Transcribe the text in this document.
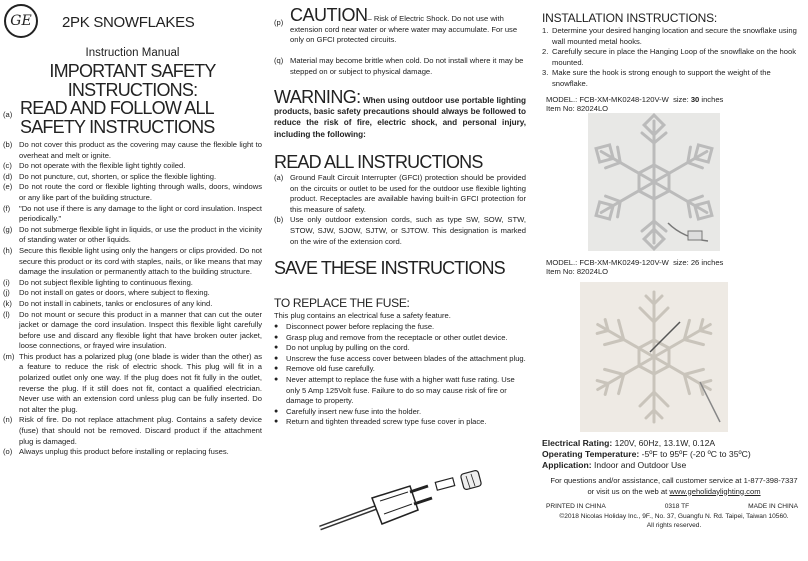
GE 2PK SNOWFLAKES
Instruction Manual
IMPORTANT SAFETY
INSTRUCTIONS:
(a) READ AND FOLLOW ALL
SAFETY INSTRUCTIONS
(b) Do not cover this product as the covering may cause the flexible light to overheat and melt or ignite.
(c) Do not operate with the flexible light tightly coiled.
(d) Do not puncture, cut, shorten, or splice the flexible lighting.
(e) Do not route the cord or flexible lighting through walls, doors, windows or any like part of the building structure.
(f)	"Do not use if there is any damage to the light or cord insulation. Inspect periodically."
(g) Do not submerge flexible light in liquids, or use the product in the vicinity of standing water or other liquids.
(h) Secure this flexible light using only the hangers or clips provided. Do not secure this product or its cord with staples, nails, or like means that may damage the insulation or permanently attach to the building structure.
(i)	Do not subject flexible lighting to continuous flexing.
(j)	Do not install on gates or doors, where subject to flexing.
(k) Do not install in cabinets, tanks or enclosures of any kind.
(l)	Do not mount or secure this product in a manner that can cut the outer jacket or damage the cord insulation. Inspect this flexible light carefully before use and discard any flexible light that have broken outer jacket, loose connections, or frayed wire insulation.
(m) This product has a polarized plug (one blade is wider than the other) as a feature to reduce the risk of electric shock. This plug will fit in a polarized outlet only one way. If the plug does not fit fully in the outlet, reverse the plug. If it still does not fit, contact a qualified electrician. Never use with an extension cord unless plug can be fully inserted. Do not alter the plug.
(n) Risk of fire. Do not replace attachment plug. Contains a safety device (fuse) that should not be removed. Discard product if the attachment plug is damaged.
(o) Always unplug this product before installing or replacing fuses.
(p) CAUTION– Risk of Electric Shock. Do not use with extension cord near water or where water may accumulate. For use only on GFCI protected circuits.
(q) Material may become brittle when cold. Do not install where it may be stepped on or subject to physical damage.
WARNING: When using outdoor use portable lighting products, basic safety precautions should always be followed to reduce the risk of fire, electric shock, and personal injury, including the following:
READ ALL INSTRUCTIONS
(a) Ground Fault Circuit Interrupter (GFCI) protection should be provided on the circuits or outlet to be used for the outdoor use flexible lighting product. Receptacles are available having built-in GFCI protection for this measure of safety.
(b) Use only outdoor extension cords, such as type SW, SOW, STW, STOW, SJW, SJOW, SJTW, or SJTOW. This designation is marked on the wire of the extension cord.
SAVE THESE INSTRUCTIONS
TO REPLACE THE FUSE:
This plug contains an electrical fuse a safety feature.
●	Disconnect power before replacing the fuse.
●	Grasp plug and remove from the receptacle or other outlet device.
●	Do not unplug by pulling on the cord.
●	Unscrew the fuse access cover between blades of the attachment plug.
●	Remove old fuse carefully.
●	Never attempt to replace the fuse with a higher watt fuse rating. Use only 5 Amp 125Volt fuse. Failure to do so may cause risk of fire or damage to property.
●	Carefully insert new fuse into the holder.
●	Return and tighten threaded screw type fuse cover in place.
INSTALLATION INSTRUCTIONS:
1. Determine your desired hanging location and secure the snowflake using wall mounted metal hooks.
2. Carefully secure in place the Hanging Loop of the snowflake on the hook mounted.
3. Make sure the hook is strong enough to support the weight of the snowflake.
MODEL.: FCB-XM-MK0248-120V-W size: 30 inches
Item No: 82024LO
MODEL.: FCB-XM-MK0249-120V-W size: 26 inches
Item No: 82024LO
Electrical Rating: 120V, 60Hz, 13.1W, 0.12A
Operating Temperature: -5ºF to 95ºF (-20 ºC to 35ºC)
Application: Indoor and Outdoor Use
For questions and/or assistance, call customer service at 1-877-398-7337
or visit us on the web at www.geholidaylighting.com
PRINTED IN CHINA	0318 TF	MADE IN CHINA
©2018 Nicolas Holiday Inc., 9F., No. 37, Guangfu N. Rd. Taipei, Taiwan 10560.
All rights reserved.
